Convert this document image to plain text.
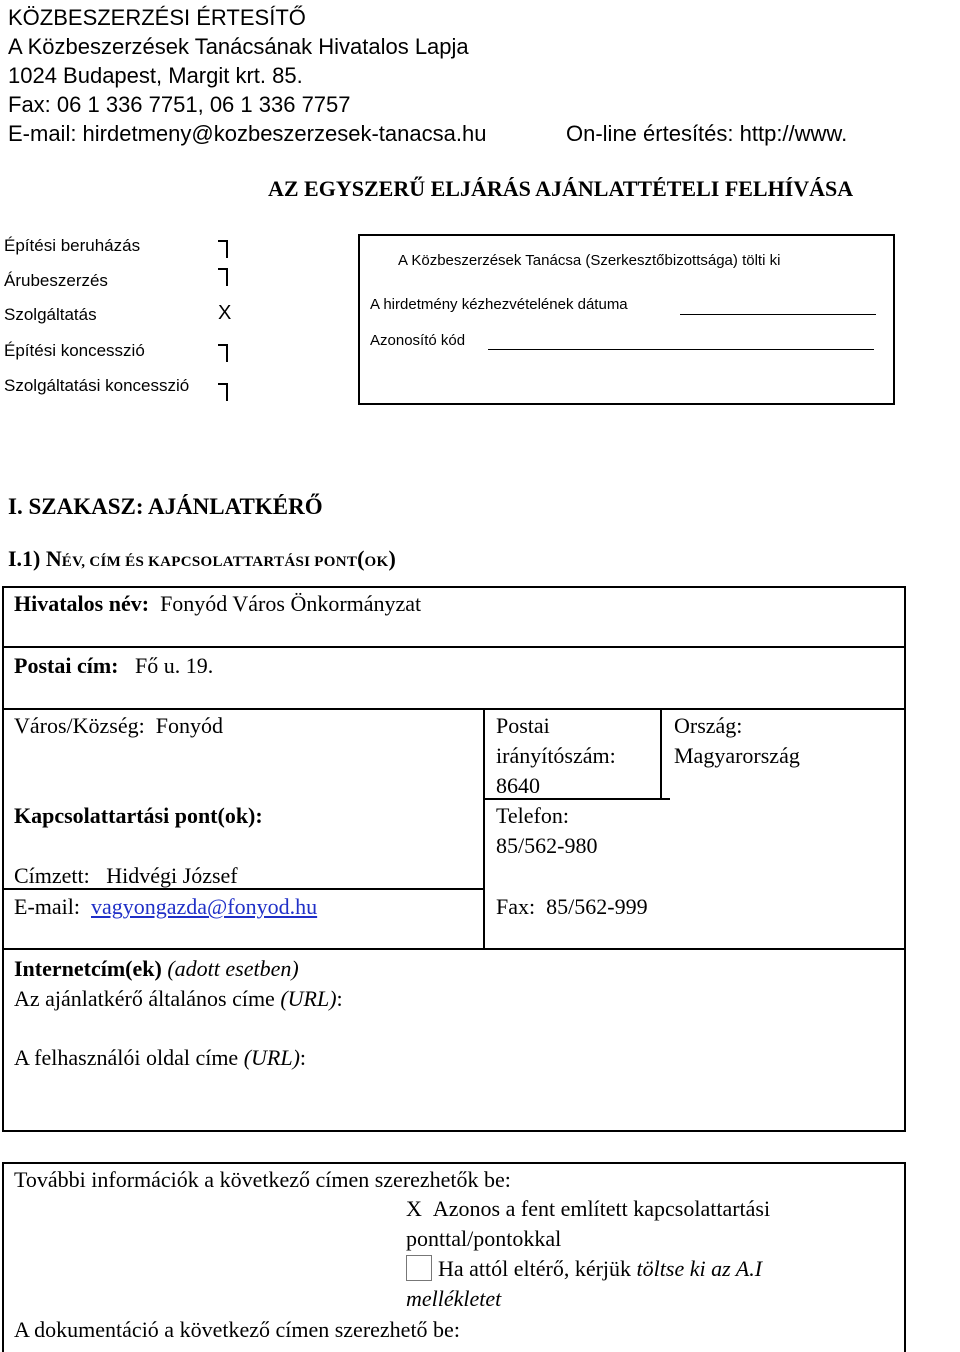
KÖZBESZERZÉSI ÉRTESÍTŐ
A Közbeszerzések Tanácsának Hivatalos Lapja
1024 Budapest, Margit krt. 85.
Fax: 06 1 336 7751, 06 1 336 7757
E-mail: hirdetmeny@kozbeszerzesek-tanacsa.hu	On-line értesítés: http://www.
AZ EGYSZERŰ ELJÁRÁS AJÁNLATTÉTELI FELHÍVÁSA
Építési beruházás
Árubeszerzés
Szolgáltatás	X
Építési koncesszió
Szolgáltatási koncesszió
A Közbeszerzések Tanácsa (Szerkesztőbizottsága) tölti ki
A hirdetmény kézhezvételének dátuma
Azonosító kód
I. SZAKASZ: AJÁNLATKÉRŐ
I.1) NÉV, CÍM ÉS KAPCSOLATTARTÁSI PONT(OK)
Hivatalos név: Fonyód Város Önkormányzat
Postai cím: Fő u. 19.
Város/Község: Fonyód	Postai
irányítószám:
8640
Ország:
Magyarország
Kapcsolattartási pont(ok):	Telefon:
85/562-980
Címzett: Hidvégi József
E-mail: vagyongazda@fonyod.hu	Fax: 85/562-999
Internetcím(ek) (adott esetben)
Az ajánlatkérő általános címe (URL):
A felhasználói oldal címe (URL):
További információk a következő címen szerezhetők be:
X Azonos a fent említett kapcsolattartási
ponttal/pontokkal
Ha attól eltérő, kérjük töltse ki az A.I
mellékletet
A dokumentáció a következő címen szerezhető be:
